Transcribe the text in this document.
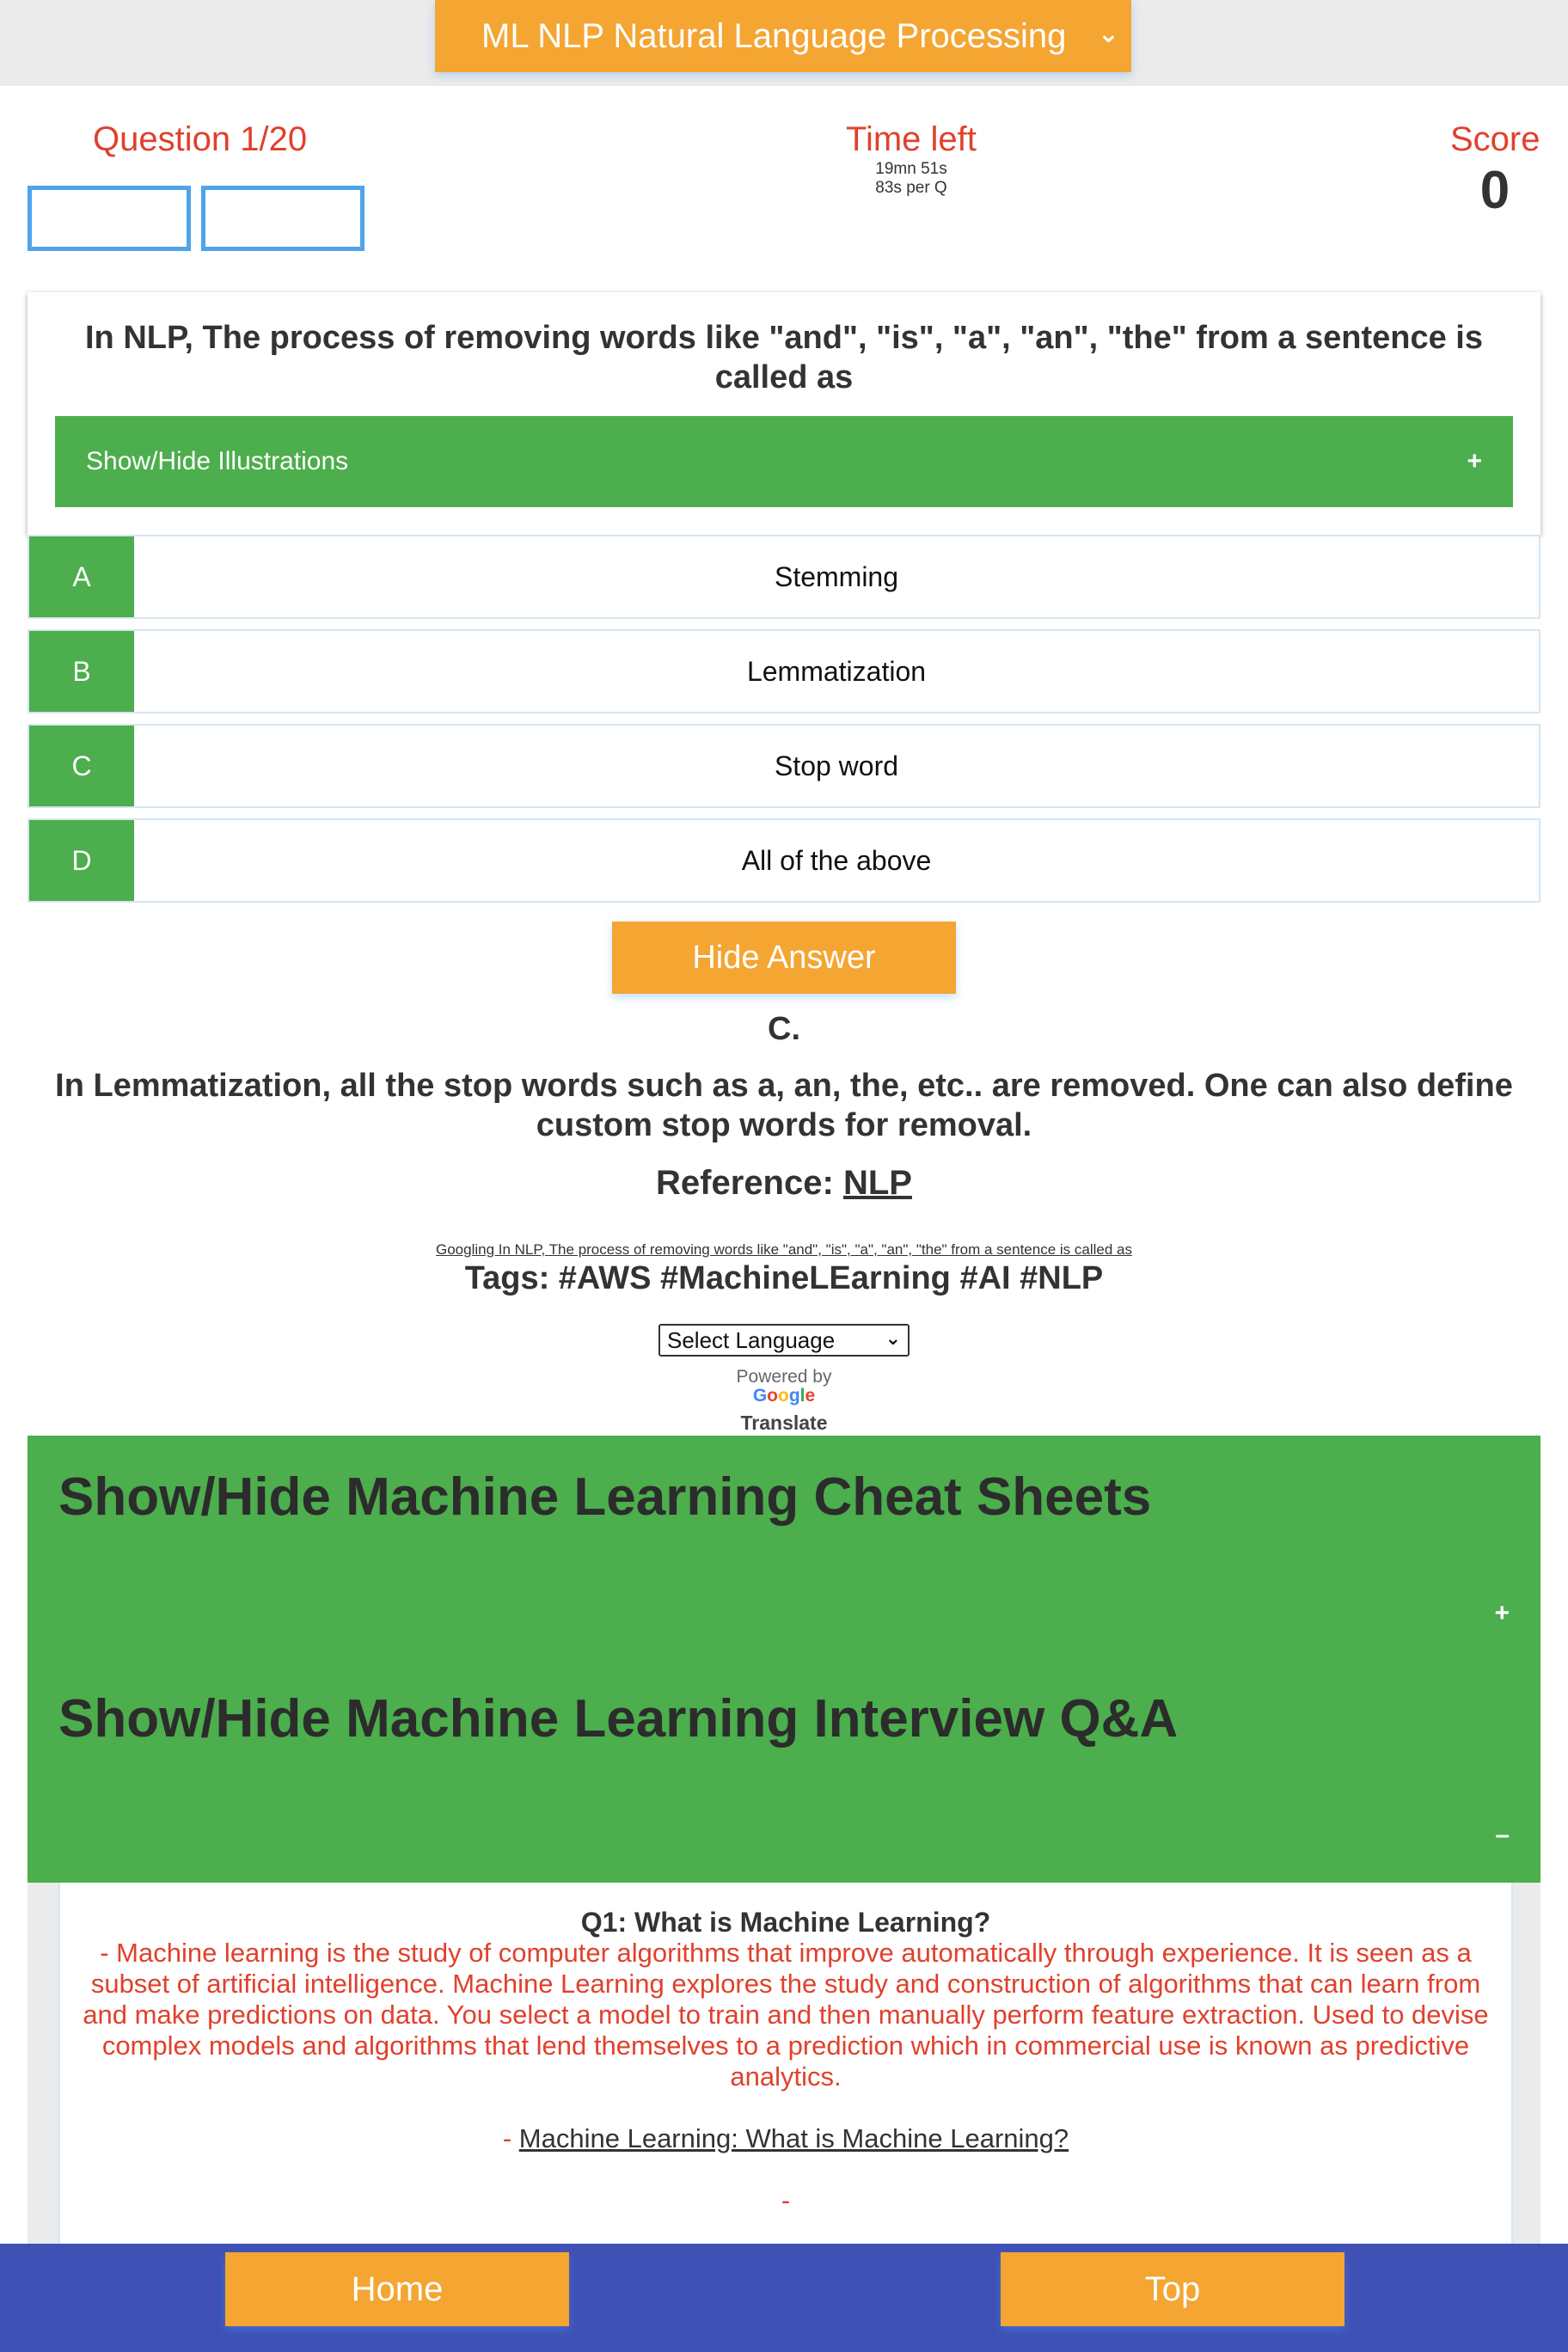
ML NLP Natural Language Processing ⌄
Question 1/20	Time left
19mn 51s
83s per Q
Score
0
In NLP, The process of removing words like "and", "is", "a", "an", "the" from a sentence is called as
Show/Hide Illustrations	+
A	Stemming
B	Lemmatization
C	Stop word
D	All of the above
Hide Answer
C.
In Lemmatization, all the stop words such as a, an, the, etc.. are removed. One can also define custom stop words for removal.
Reference: NLP
Googling In NLP, The process of removing words like "and", "is", "a", "an", "the" from a sentence is called as
Tags: #AWS #MachineLEarning #AI #NLP
Select Language	⌄
Powered by
Google
Translate
Show/Hide Machine Learning Cheat Sheets
+
Show/Hide Machine Learning Interview Q&A
–
Q1: What is Machine Learning?
- Machine learning is the study of computer algorithms that improve automatically through experience. It is seen as a subset of artificial intelligence. Machine Learning explores the study and construction of algorithms that can learn from and make predictions on data. You select a model to train and then manually perform feature extraction. Used to devise complex models and algorithms that lend themselves to a prediction which in commercial use is known as predictive analytics.
- Machine Learning: What is Machine Learning?
-
Home	Top
